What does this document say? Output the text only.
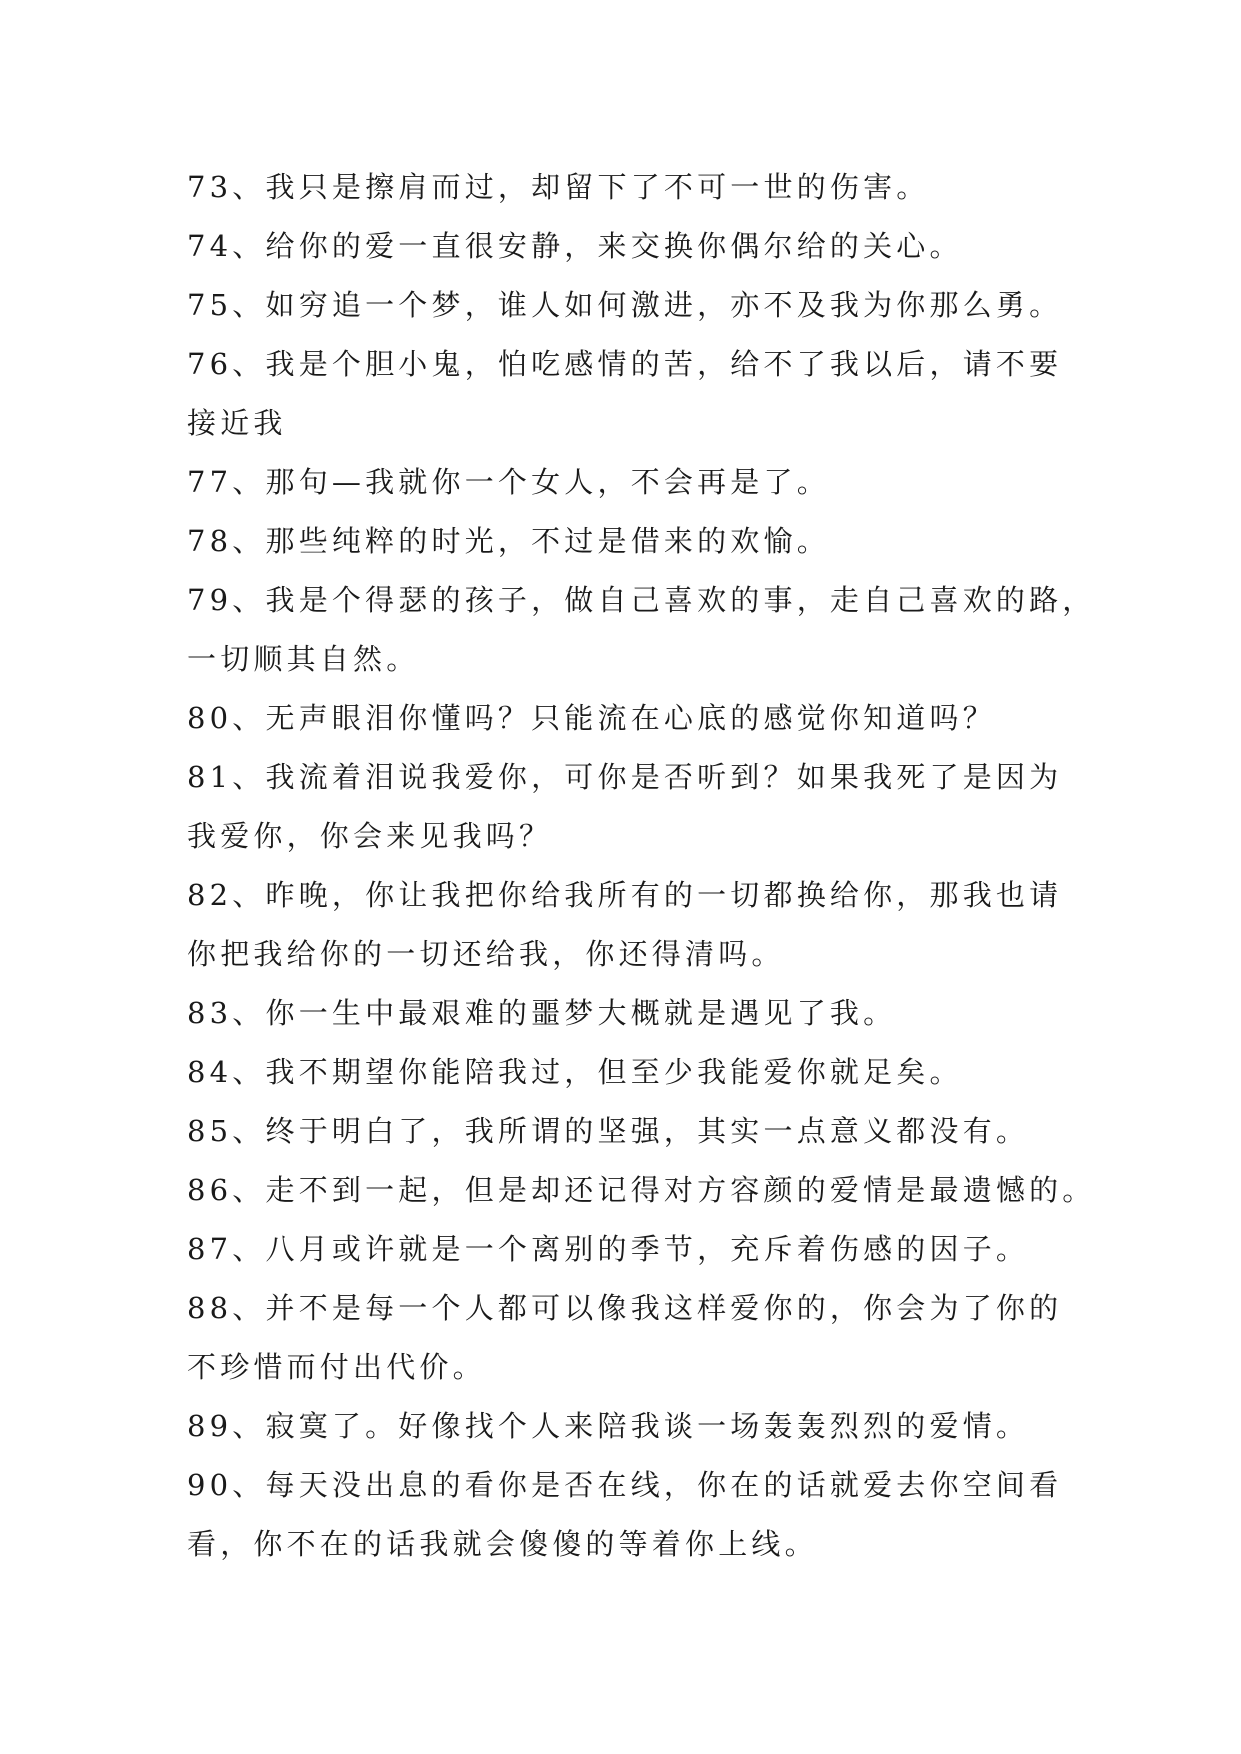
73、我只是擦肩而过，却留下了不可一世的伤害。

74、给你的爱一直很安静，来交换你偶尔给的关心。

75、如穷追一个梦，谁人如何激进，亦不及我为你那么勇。

76、我是个胆小鬼，怕吃感情的苦，给不了我以后，请不要

接近我

77、那句—我就你一个女人，不会再是了。

78、那些纯粹的时光，不过是借来的欢愉。

79、我是个得瑟的孩子，做自己喜欢的事，走自己喜欢的路，

一切顺其自然。

80、无声眼泪你懂吗？只能流在心底的感觉你知道吗？

81、我流着泪说我爱你，可你是否听到？如果我死了是因为

我爱你，你会来见我吗？

82、昨晚，你让我把你给我所有的一切都换给你，那我也请

你把我给你的一切还给我，你还得清吗。

83、你一生中最艰难的噩梦大概就是遇见了我。

84、我不期望你能陪我过，但至少我能爱你就足矣。

85、终于明白了，我所谓的坚强，其实一点意义都没有。

86、走不到一起，但是却还记得对方容颜的爱情是最遗憾的。

87、八月或许就是一个离别的季节，充斥着伤感的因子。

88、并不是每一个人都可以像我这样爱你的，你会为了你的

不珍惜而付出代价。

89、寂寞了。好像找个人来陪我谈一场轰轰烈烈的爱情。

90、每天没出息的看你是否在线，你在的话就爱去你空间看

看，你不在的话我就会傻傻的等着你上线。
